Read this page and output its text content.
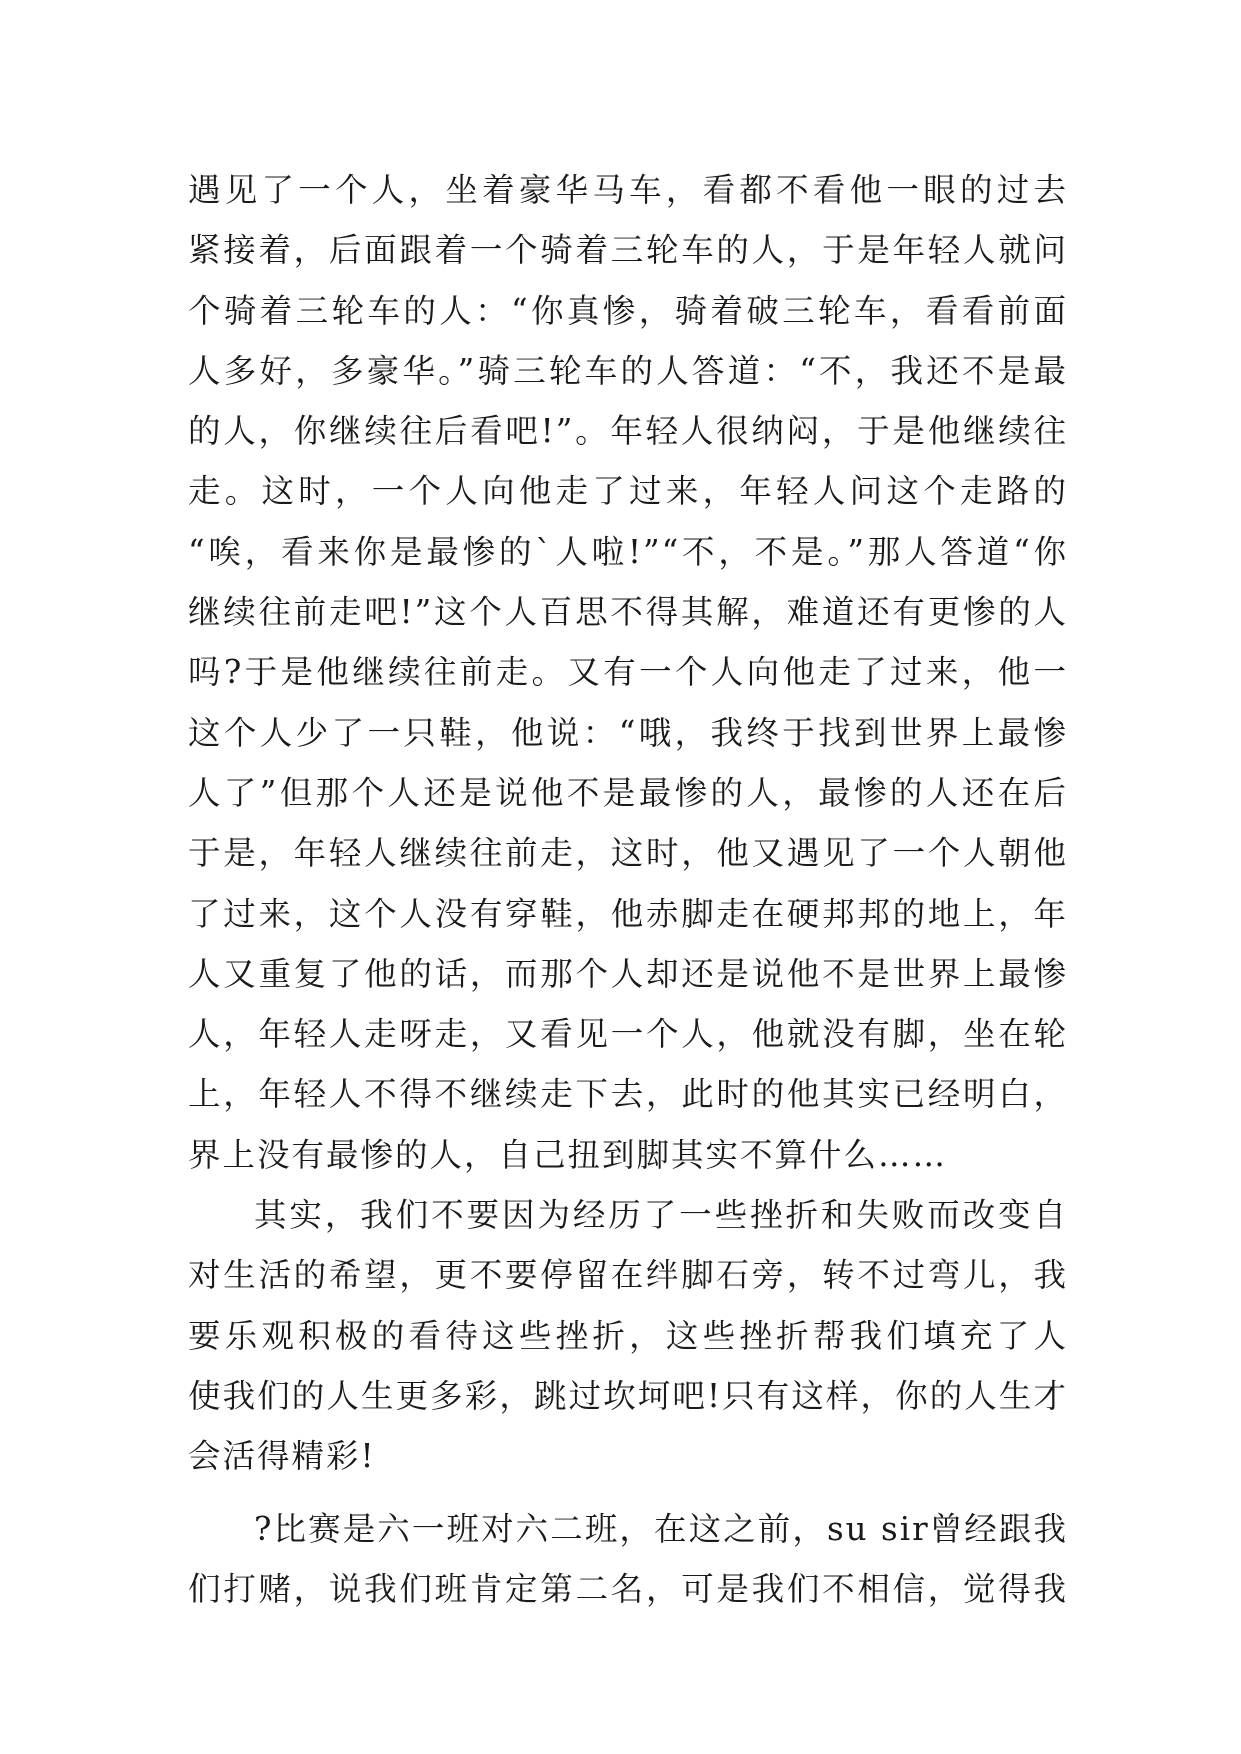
遇见了一个人，坐着豪华马车，看都不看他一眼的过去
紧接着，后面跟着一个骑着三轮车的人，于是年轻人就问
个骑着三轮车的人：“你真惨，骑着破三轮车，看看前面
人多好，多豪华。”骑三轮车的人答道：“不，我还不是最
的人，你继续往后看吧!”。年轻人很纳闷，于是他继续往
走。这时，一个人向他走了过来，年轻人问这个走路的
“唉，看来你是最惨的`人啦!”“不，不是。”那人答道“你
继续往前走吧!”这个人百思不得其解，难道还有更惨的人
吗?于是他继续往前走。又有一个人向他走了过来，他一
这个人少了一只鞋，他说：“哦，我终于找到世界上最惨
人了”但那个人还是说他不是最惨的人，最惨的人还在后
于是，年轻人继续往前走，这时，他又遇见了一个人朝他
了过来，这个人没有穿鞋，他赤脚走在硬邦邦的地上，年
人又重复了他的话，而那个人却还是说他不是世界上最惨
人，年轻人走呀走，又看见一个人，他就没有脚，坐在轮
上，年轻人不得不继续走下去，此时的他其实已经明白，
界上没有最惨的人，自己扭到脚其实不算什么……
其实，我们不要因为经历了一些挫折和失败而改变自
对生活的希望，更不要停留在绊脚石旁，转不过弯儿，我
要乐观积极的看待这些挫折，这些挫折帮我们填充了人
使我们的人生更多彩，跳过坎坷吧!只有这样，你的人生才
会活得精彩!
?比赛是六一班对六二班，在这之前，su sir曾经跟我
们打赌，说我们班肯定第二名，可是我们不相信，觉得我
